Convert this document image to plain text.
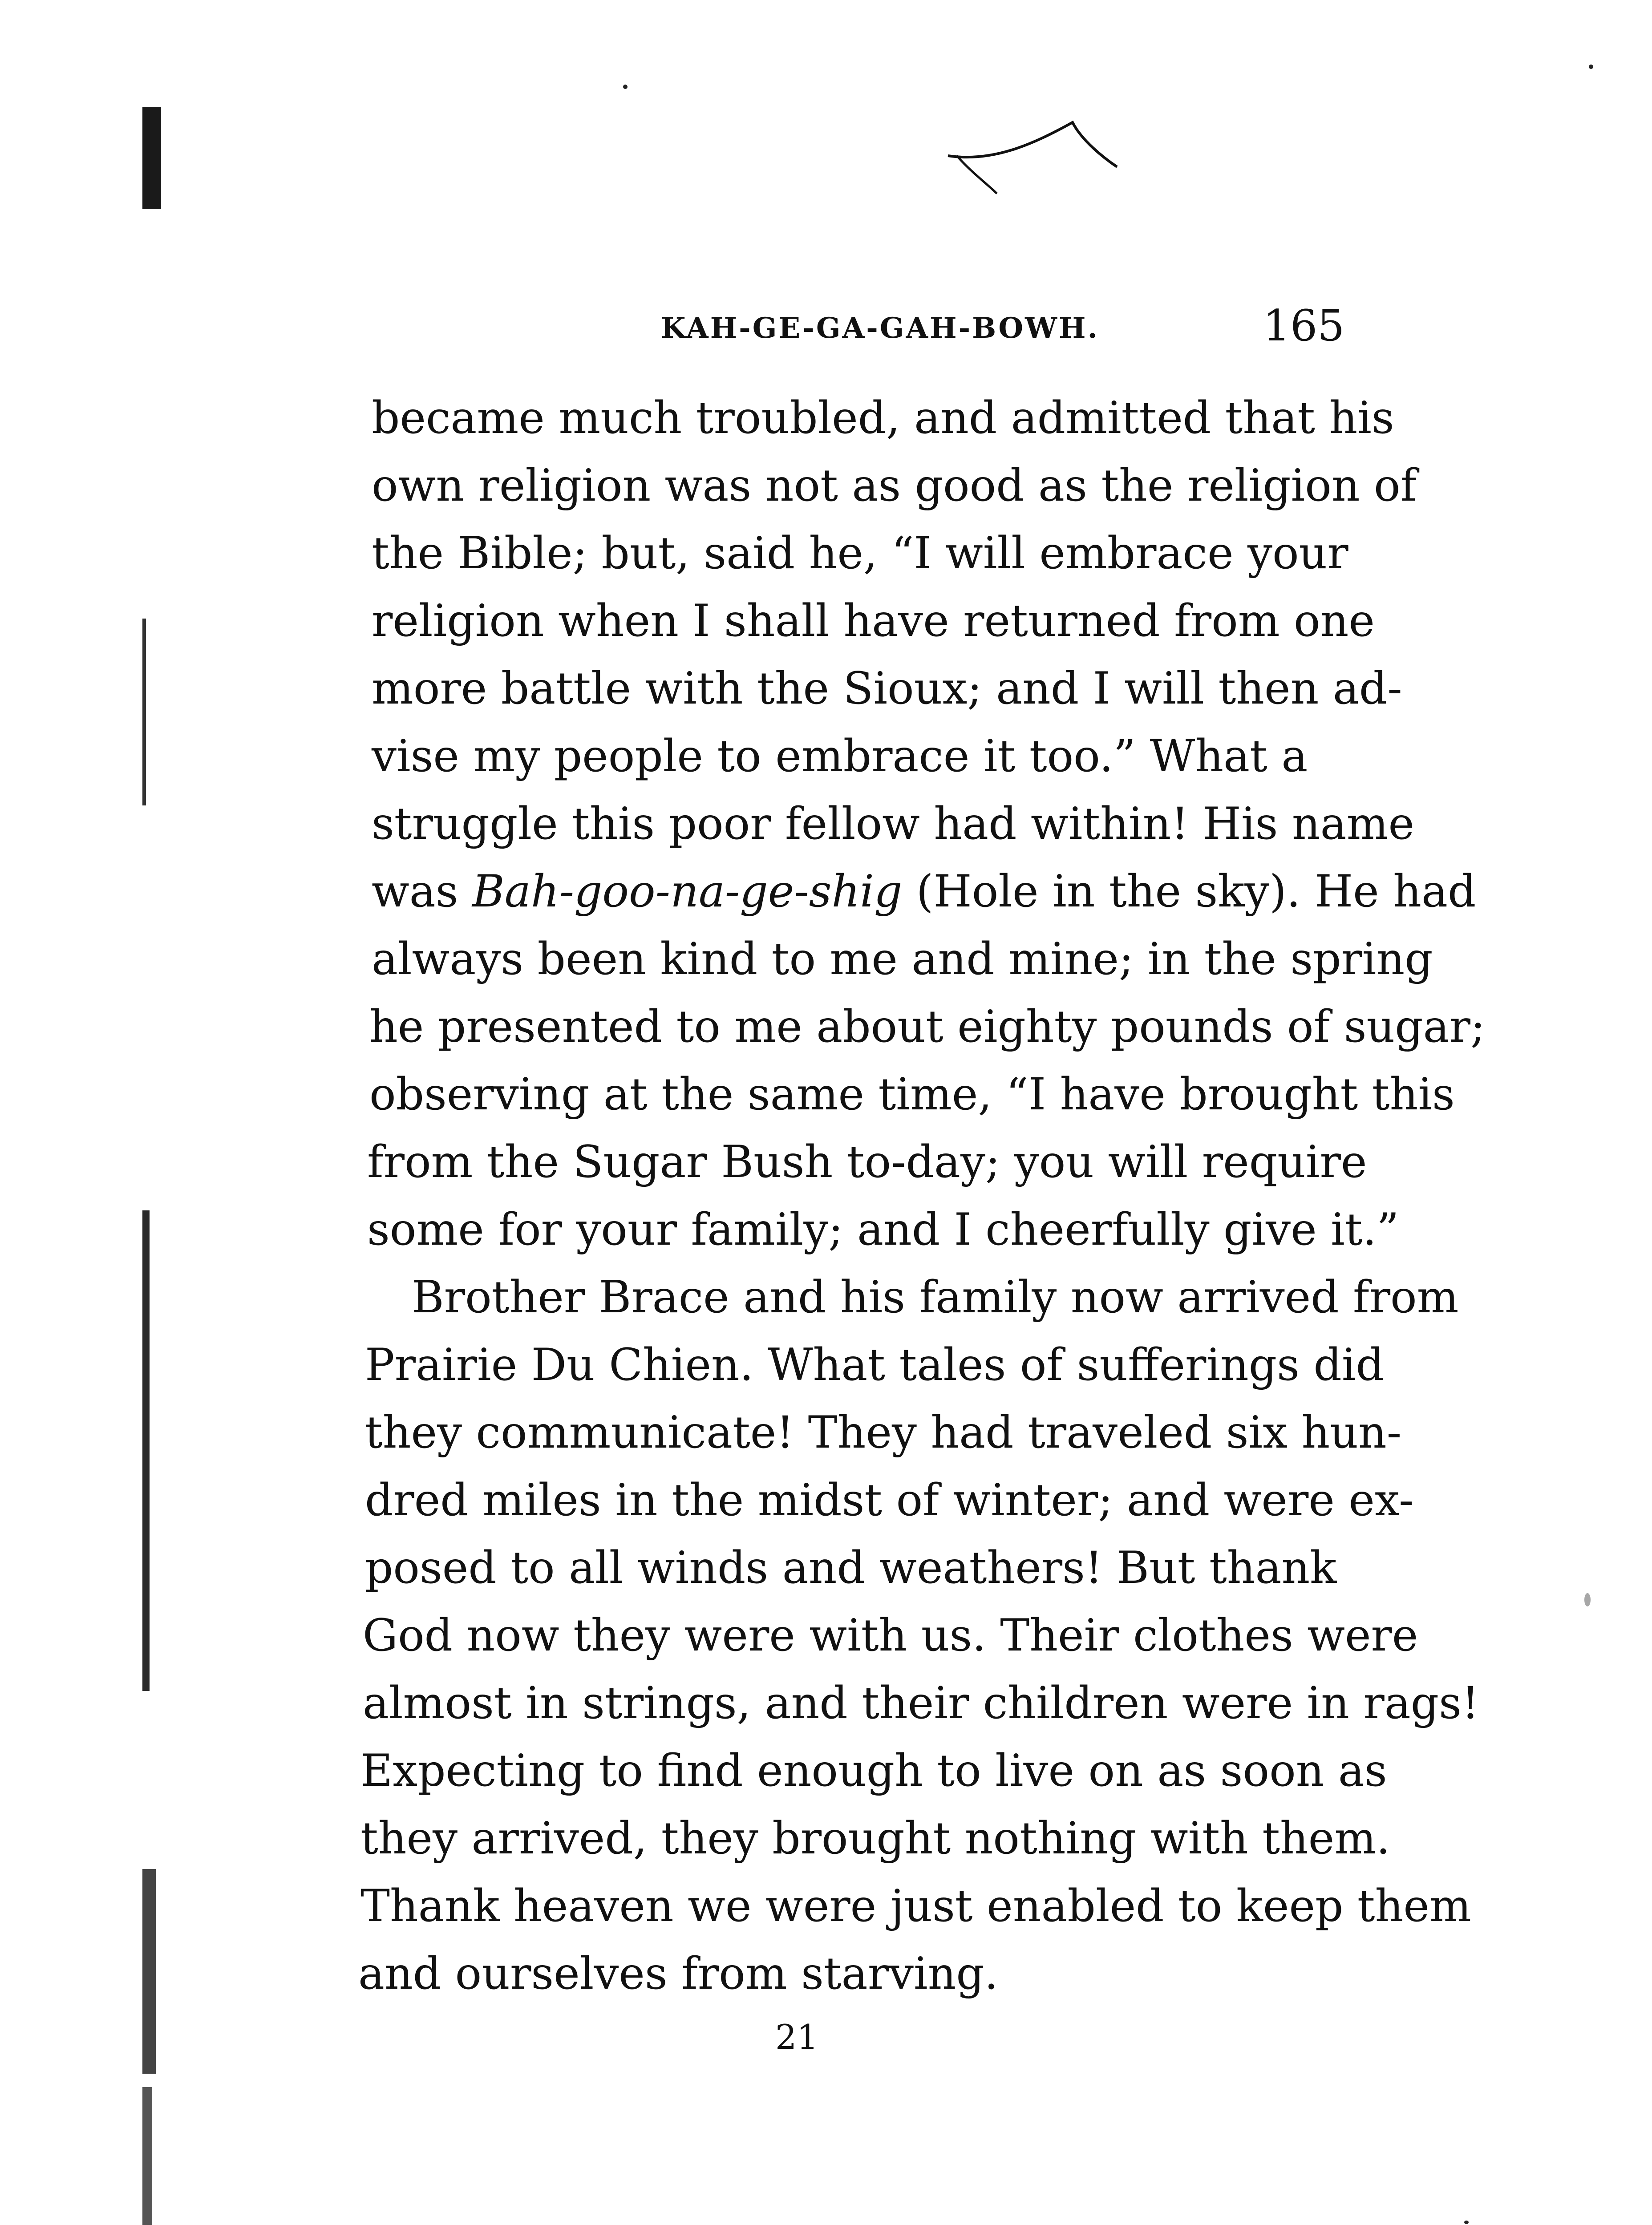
KAH-GE-GA-GAH-BOWH.	165
became much troubled, and admitted that his
own religion was not as good as the religion of
the Bible; but, said he, “I will embrace your
religion when I shall have returned from one
more battle with the Sioux; and I will then ad-
vise my people to embrace it too.” What a
struggle this poor fellow had within! His name
was Bah-goo-na-ge-shig (Hole in the sky). He had
always been kind to me and mine; in the spring
he presented to me about eighty pounds of sugar;
observing at the same time, “I have brought this
from the Sugar Bush to-day; you will require
some for your family; and I cheerfully give it.”
Brother Brace and his family now arrived from
Prairie Du Chien. What tales of sufferings did
they communicate! They had traveled six hun-
dred miles in the midst of winter; and were ex-
posed to all winds and weathers! But thank
God now they were with us. Their clothes were
almost in strings, and their children were in rags!
Expecting to find enough to live on as soon as
they arrived, they brought nothing with them.
Thank heaven we were just enabled to keep them
and ourselves from starving.
21
